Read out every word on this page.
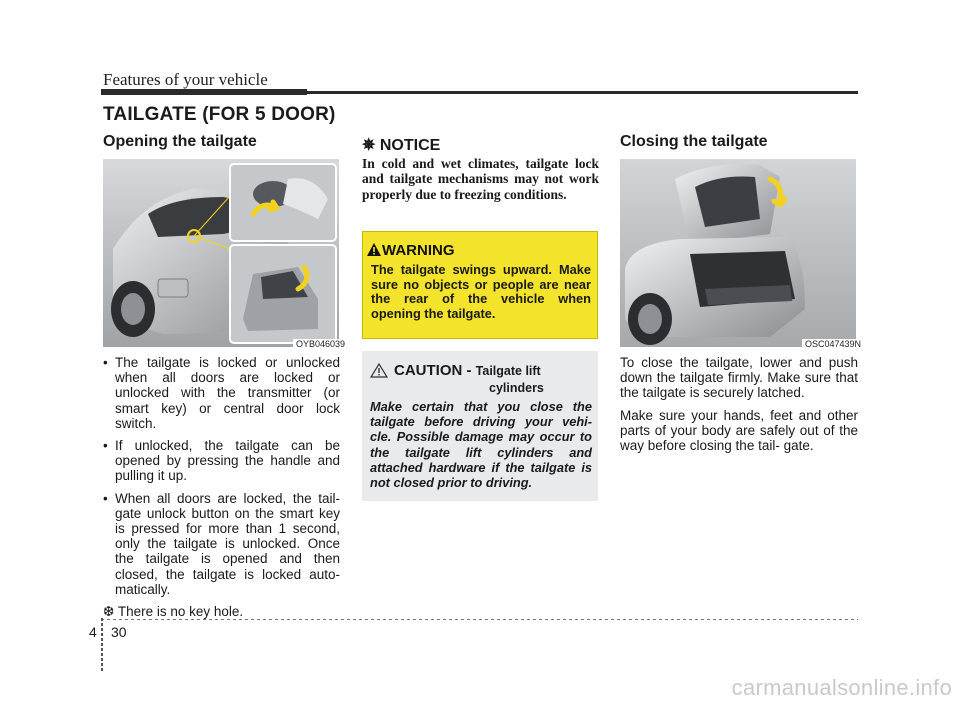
Features of your vehicle
TAILGATE (FOR 5 DOOR)
Opening the tailgate
OYB046039
• The tailgate is locked or unlocked when all doors are locked or unlocked with the transmitter (or smart key) or central door lock switch.
• If unlocked, the tailgate can be opened by pressing the handle and pulling it up.
• When all doors are locked, the tail- gate unlock button on the smart key is pressed for more than 1 second, only the tailgate is unlocked. Once the tailgate is opened and then closed, the tailgate is locked auto- matically.
❆ There is no key hole.
✵ NOTICE
In cold and wet climates, tailgate lock and tailgate mechanisms may not work properly due to freezing conditions.
WARNING
The tailgate swings upward. Make sure no objects or people are near the rear of the vehicle when opening the tailgate.
CAUTION - Tailgate lift
cylinders
Make certain that you close the tailgate before driving your vehi- cle. Possible damage may occur to the tailgate lift cylinders and attached hardware if the tailgate is not closed prior to driving.
Closing the tailgate
OSC047439N
To close the tailgate, lower and push down the tailgate firmly. Make sure that the tailgate is securely latched.
Make sure your hands, feet and other parts of your body are safely out of the way before closing the tail- gate.
4 30
carmanualsonline.info
